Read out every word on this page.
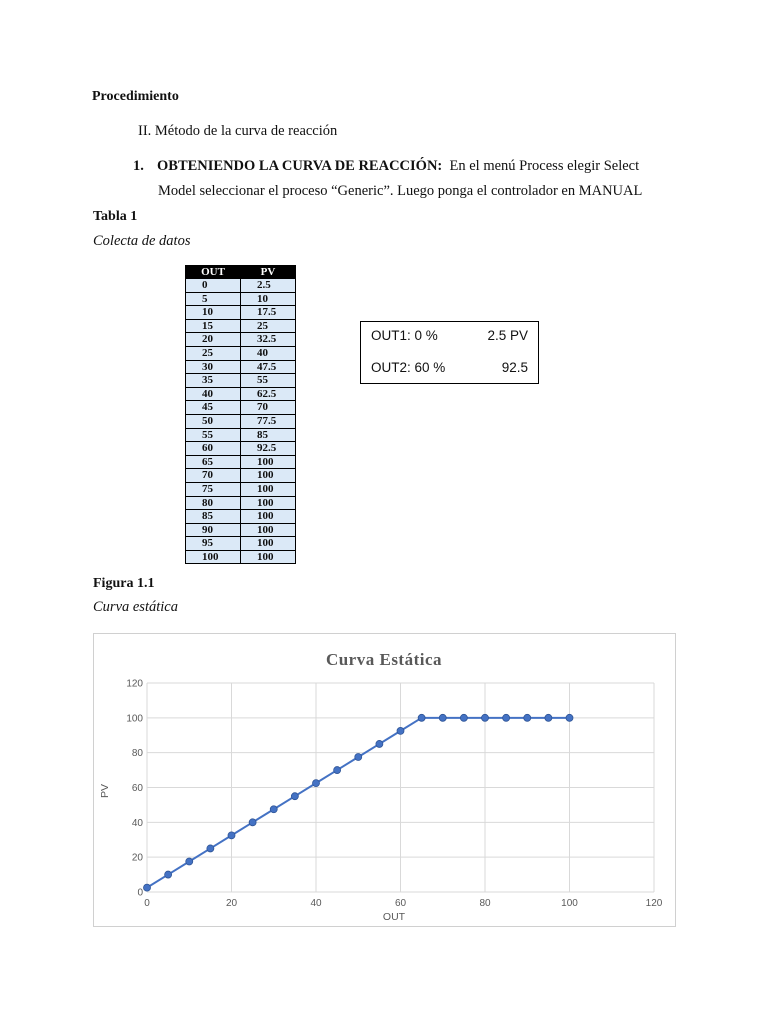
Procedimiento
II. Método de la curva de reacción
1. OBTENIENDO LA CURVA DE REACCIÓN: En el menú Process elegir Select
Model seleccionar el proceso “Generic”. Luego ponga el controlador en MANUAL
Tabla 1
Colecta de datos
OUT	PV
0	2.5
5	10
10	17.5
15	25
20	32.5
25	40
30	47.5
35	55
40	62.5
45	70
50	77.5
55	85
60	92.5
65	100
70	100
75	100
80	100
85	100
90	100
95	100
100	100
OUT1: 0 %	2.5 PV
OUT2: 60 %	92.5
Figura 1.1
Curva estática
Curva Estática
OUT
PV
0
20
40
60
80
100
120
0	20	40	60	80	100	120
